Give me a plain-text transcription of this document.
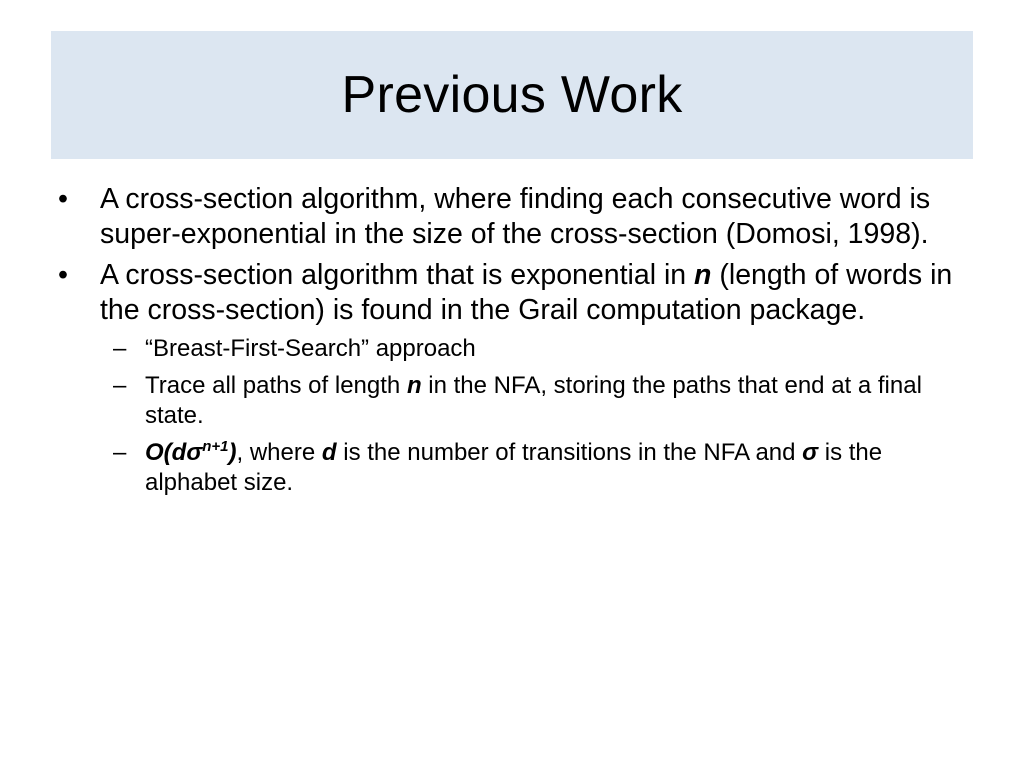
Previous Work
•	A cross-section algorithm, where finding each consecutive word is super-exponential in the size of the cross-section (Domosi, 1998).
•	A cross-section algorithm that is exponential in n (length of words in the cross-section) is found in the Grail computation package.
– “Breast-First-Search” approach
– Trace all paths of length n in the NFA, storing the paths that end at a final state.
– $O(d\sigma^{n+1})$, where d is the number of transitions in the NFA and σ is the alphabet size.
